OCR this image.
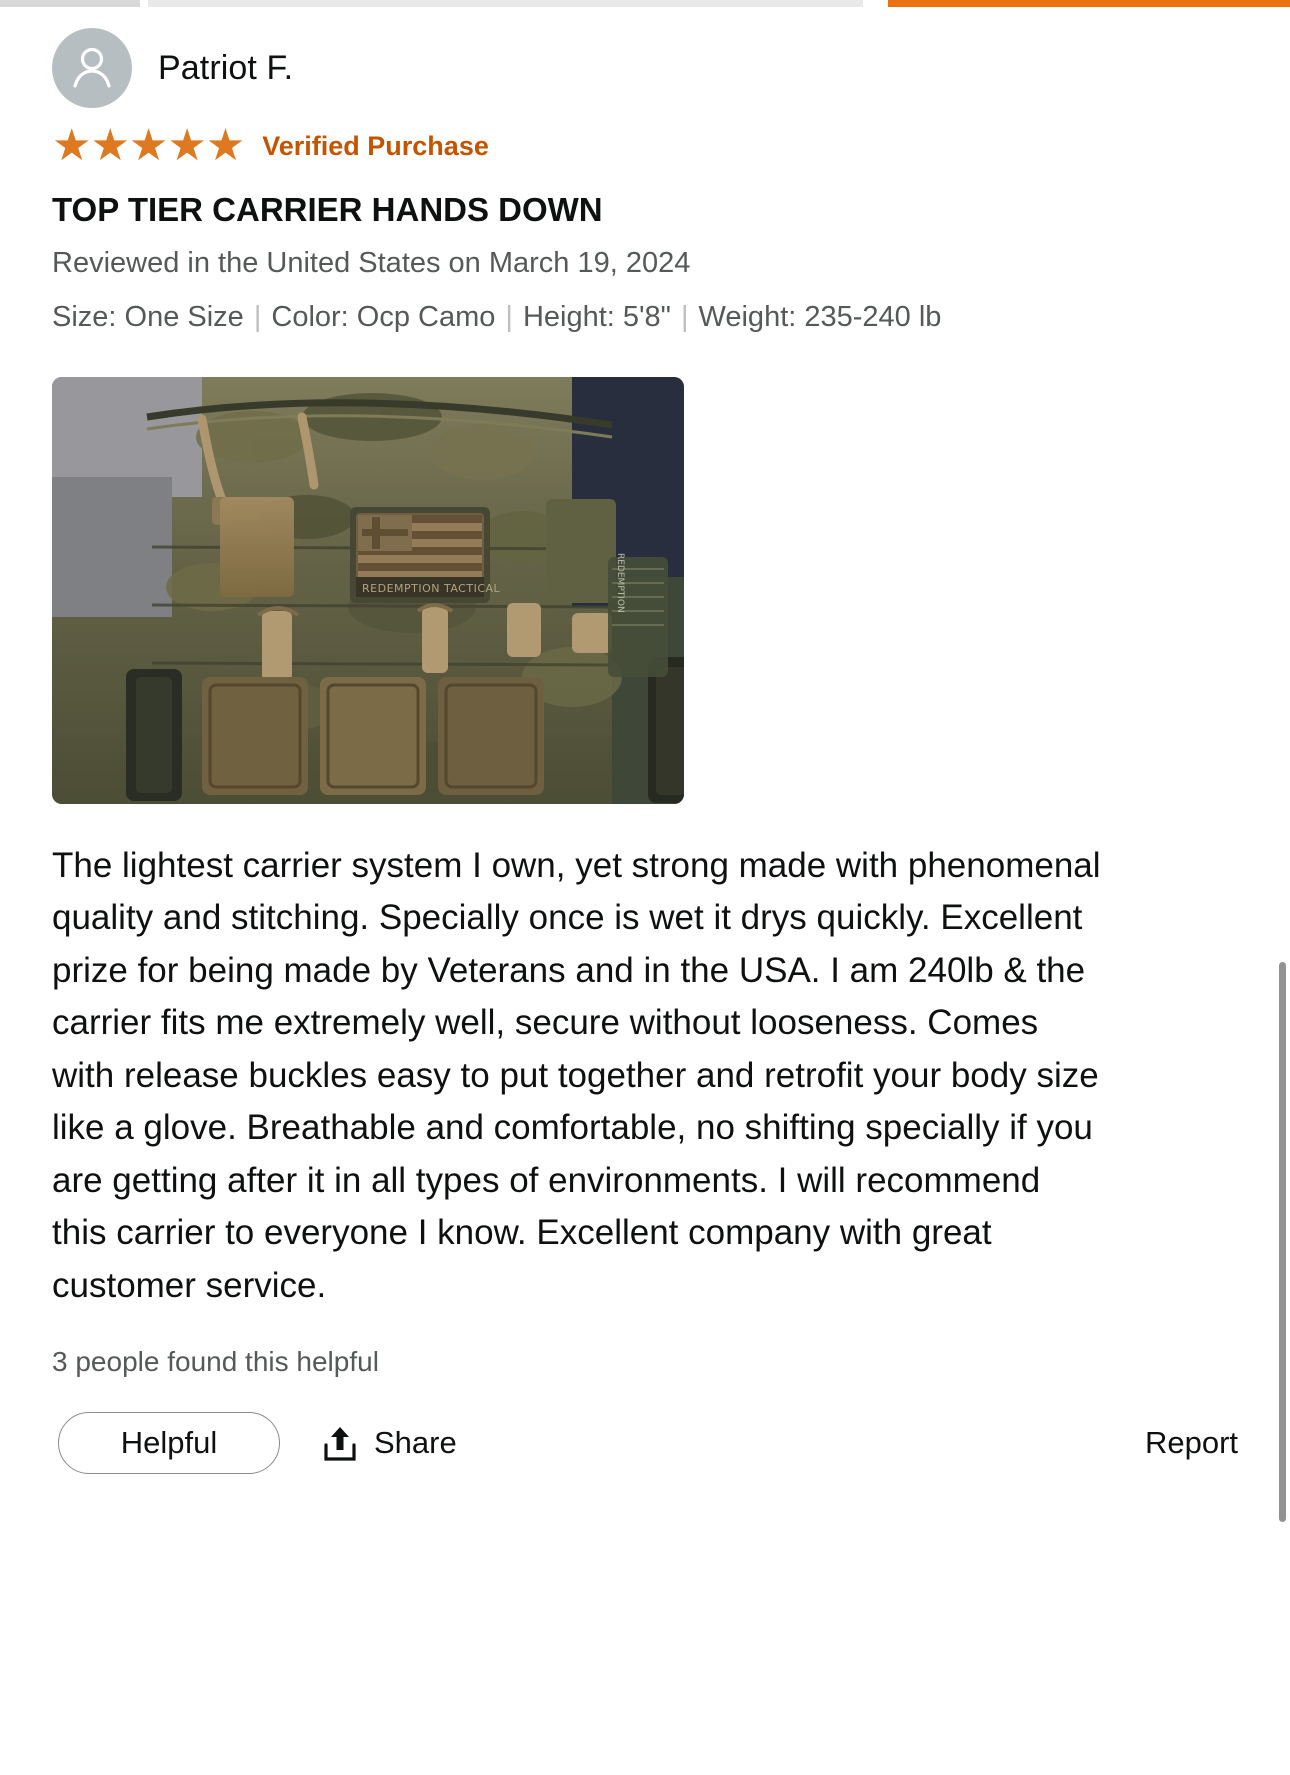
Patriot F.
★★★★★ Verified Purchase
TOP TIER CARRIER HANDS DOWN
Reviewed in the United States on March 19, 2024
Size: One Size | Color: Ocp Camo | Height: 5'8" | Weight: 235-240 lb
REDEMPTION TACTICAL	REDEMPTION
The lightest carrier system I own, yet strong made with phenomenal quality and stitching. Specially once is wet it drys quickly. Excellent prize for being made by Veterans and in the USA. I am 240lb & the carrier fits me extremely well, secure without looseness. Comes with release buckles easy to put together and retrofit your body size like a glove. Breathable and comfortable, no shifting specially if you are getting after it in all types of environments. I will recommend this carrier to everyone I know. Excellent company with great customer service.
3 people found this helpful
Helpful	Share	Report
